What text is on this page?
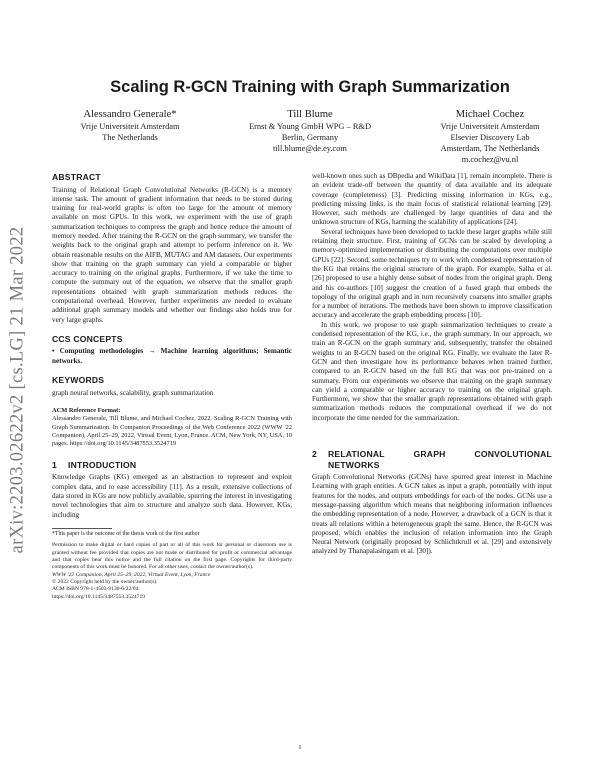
arXiv:2203.02622v2 [cs.LG] 21 Mar 2022
Scaling R-GCN Training with Graph Summarization
Alessandro Generale*
Vrije Universiteit Amsterdam
The Netherlands
Till Blume
Ernst & Young GmbH WPG – R&D
Berlin, Germany
till.blume@de.ey.com
Michael Cochez
Vrije Universiteit Amsterdam
Elsevier Discovery Lab
Amsterdam, The Netherlands
m.cochez@vu.nl
ABSTRACT

Training of Relational Graph Convolutional Networks (R-GCN) is a memory intense task. The amount of gradient information that needs to be stored during training for real-world graphs is often too large for the amount of memory available on most GPUs. In this work, we experiment with the use of graph summarization techniques to compress the graph and hence reduce the amount of memory needed. After training the R-GCN on the graph summary, we transfer the weights back to the original graph and attempt to perform inference on it. We obtain reasonable results on the AIFB, MUTAG and AM datasets. Our experiments show that training on the graph summary can yield a comparable or higher accuracy to training on the original graphs. Furthermore, if we take the time to compute the summary out of the equation, we observe that the smaller graph representations obtained with graph summarization methods reduces the computational overhead. However, further experiments are needed to evaluate additional graph summary models and whether our findings also holds true for very large graphs.

CCS CONCEPTS

• Computing methodologies → Machine learning algorithms; Semantic networks.

KEYWORDS

graph neural networks, scalability, graph summarization

ACM Reference Format:

Alessandro Generale, Till Blume, and Michael Cochez. 2022. Scaling R-GCN Training with Graph Summarization. In Companion Proceedings of the Web Conference 2022 (WWW '22 Companion), April 25–29, 2022, Virtual Event, Lyon, France. ACM, New York, NY, USA, 10 pages. https://doi.org/10.1145/3487553.3524719

1 INTRODUCTION

Knowledge Graphs (KG) emerged as an abstraction to represent and exploit complex data, and to ease accessibility [11]. As a result, extensive collections of data stored in KGs are now publicly available, spurring the interest in investigating novel technologies that aim to structure and analyze such data. However, KGs, including

*This paper is the outcome of the thesis work of the first author

Permission to make digital or hard copies of part or all of this work for personal or classroom use is granted without fee provided that copies are not made or distributed for profit or commercial advantage and that copies bear this notice and the full citation on the first page. Copyrights for third-party components of this work must be honored. For all other uses, contact the owner/author(s).

WWW '22 Companion, April 25–29, 2022, Virtual Event, Lyon, France

© 2022 Copyright held by the owner/author(s).

ACM ISBN 978-1-4503-9130-6/22/04.

https://doi.org/10.1145/3487553.3524719

well-known ones such as DBpedia and WikiData [1], remain incomplete. There is an evident trade-off between the quantity of data available and its adequate coverage (completeness) [3]. Predicting missing information in KGs, e.g., predicting missing links, is the main focus of statistical relational learning [29]. However, such methods are challenged by large quantities of data and the unknown structure of KGs, harming the scalability of applications [24].

Several techniques have been developed to tackle these larger graphs while still retaining their structure. First, training of GCNs can be scaled by developing a memory-optimized implementation or distributing the computations over multiple GPUs [22]. Second, some techniques try to work with condensed representation of the KG that retains the original structure of the graph. For example, Salha et al. [26] proposed to use a highly dense subset of nodes from the original graph. Deng and his co-authors [10] suggest the creation of a fused graph that embeds the topology of the original graph and in turn recursively coarsens into smaller graphs for a number of iterations. The methods have been shown to improve classification accuracy and accelerate the graph embedding process [10].

In this work, we propose to use graph summarization techniques to create a condensed representation of the KG, i.e., the graph summary. In our approach, we train an R-GCN on the graph summary and, subsequently, transfer the obtained weights to an R-GCN based on the original KG. Finally, we evaluate the later R-GCN and then investigate how its performance behaves when trained further, compared to an R-GCN based on the full KG that was not pre-trained on a summary. From our experiments we observe that training on the graph summary can yield a comparable or higher accuracy to training on the original graph. Furthermore, we show that the smaller graph representations obtained with graph summarization methods reduces the computational overhead if we do not incorporate the time needed for the summarization.

2	RELATIONAL GRAPH CONVOLUTIONAL NETWORKS

Graph Convolutional Networks (GCNs) have spurred great interest in Machine Learning with graph entities. A GCN takes as input a graph, potentially with input features for the nodes, and outputs embeddings for each of the nodes. GCNs use a message-passing algorithm which means that neighboring information influences the embedding representation of a node. However, a drawback of a GCN is that it treats all relations within a heterogeneous graph the same. Hence, the R-GCN was proposed, which enables the inclusion of relation information into the Graph Neural Network (originally proposed by Schlichtkrull et al. [29] and extensively analyzed by Thanapalasingam et al. [30]).

1
